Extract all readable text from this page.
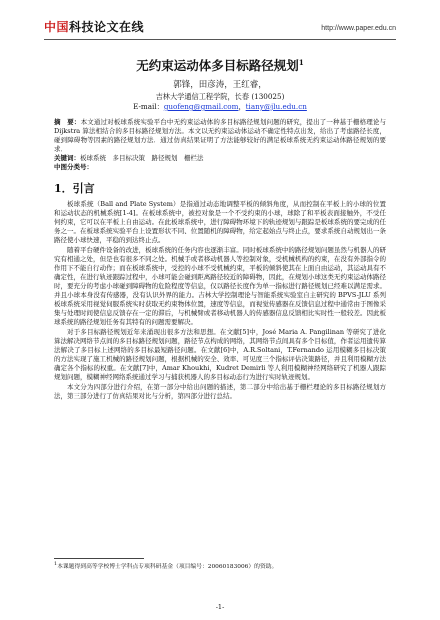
中国科技论文在线	http://www.paper.edu.cn
无约束运动体多目标路径规划$^1$
郭锋，田彦涛，王红睿，
吉林大学通信工程学院，长春 (130025)
E-mail：guofeng@gmail.com，tiany@jlu.edu.cn
摘　要：本文通过对板球系统实验平台中无约束运动体的多目标路径规划问题的研究，提出了一种基于栅格理论与 Dijkstra 算法相结合的多目标路径规划方法。本文以无约束运动体运动不确定性特点出发，给出了考虑路径长度，碰到障碍物等因素的路径规划方法．通过仿真结果证明了方法能够较好的满足板球系统无约束运动体路径规划的要求．
关键词：板球系统　多目标决策　路径规划　栅栏法
中图分类号：
1．引言

板球系统（Ball and Plate System）是指通过动态地调整平板的倾斜角度，从而控制在平板上的小球的位置和运动状态的机械系统[1-4]。在板球系统中，被控对象是一个不受约束的小球，球除了和平板表面接触外，不受任何约束，它可以在平板上自由运动。在此板球系统中，进行障碍物环境下的轨迹规划与跟踪是板球系统的要完成的任务之一。在板球系统实验平台上设置形状不同、位置随机的障碍物，给定起始点与终止点，要求系统自动规划出一条路径使小球快速，平稳的到达终止点。

随着平台硬件设备的改进，板球系统的任务内容也逐渐丰富。同时板球系统中的路径规划问题虽然与机器人的研究有相通之处，但是也有很多不同之处。机械手或者移动机器人等控制对象，受机械机构的约束，在没有外部指令的作用下不能自行动作；而在板球系统中，受控的小球不受机械约束，平板的倾斜使其在上面自由运动，其运动具有不确定性，在进行轨迹跟踪过程中，小球可能会碰到距离路径较近的障碍物，因此，在规划小球这类无约束运动体路径时，要充分的考虑小球碰到障碍物的危险程度等信息，仅以路径长度作为单一指标进行路径规划已经难以满足需求。并且小球本身没有传感器，没有认识外界的能力。吉林大学控制理论与智能系统实验室自主研究的 BPVS-JLU 系列板球系统采用视觉伺服系统实时获取无约束物体位置，速度等信息，而视觉传感器在反馈信息过程中通常由于图像采集与处理时间使信息反馈存在一定的滞后，与机械臂或者移动机器人的传感器信息反馈相比实时性一般较差。因此板球系统的路径规划任务有其特有的问题需要解决。

对于多目标路径规划近年来涌现出很多方法和思想。在文献[5]中，José Maria A. Pangilinan 等研究了进化算法解决网络节点间的多目标路径规划问题，路径节点构成的网络，其网络节点间具有多个目标值，作者运用遗传算法解决了多目标上述网络的多目标最短路径问题。在文献[6]中，A.R.Soltani，T.Fernando 运用模糊多目标决策的方法实现了施工机械的路径规划问题，根据机械的安全、效率、可见度三个指标评估决策路径，并且利用模糊方法确定各个指标的权重。在文献[7]中，Amar Khoukhi，Kudret Demirli 等人利用模糊神经网络研究了机器人跟踪规划问题，模糊神经网络系统通过学习与捕获机器人的多目标动态行为进行实时轨迹规划。

本文分为四部分进行介绍，在第一部分中给出问题的描述，第二部分中给出基于栅栏理论的多目标路径规划方法，第三部分进行了仿真结果对比与分析，第四部分进行总结。

$^1$本课题得到高等学校博士学科点专项科研基金（项目编号：20060183006）的资助。
-1-
